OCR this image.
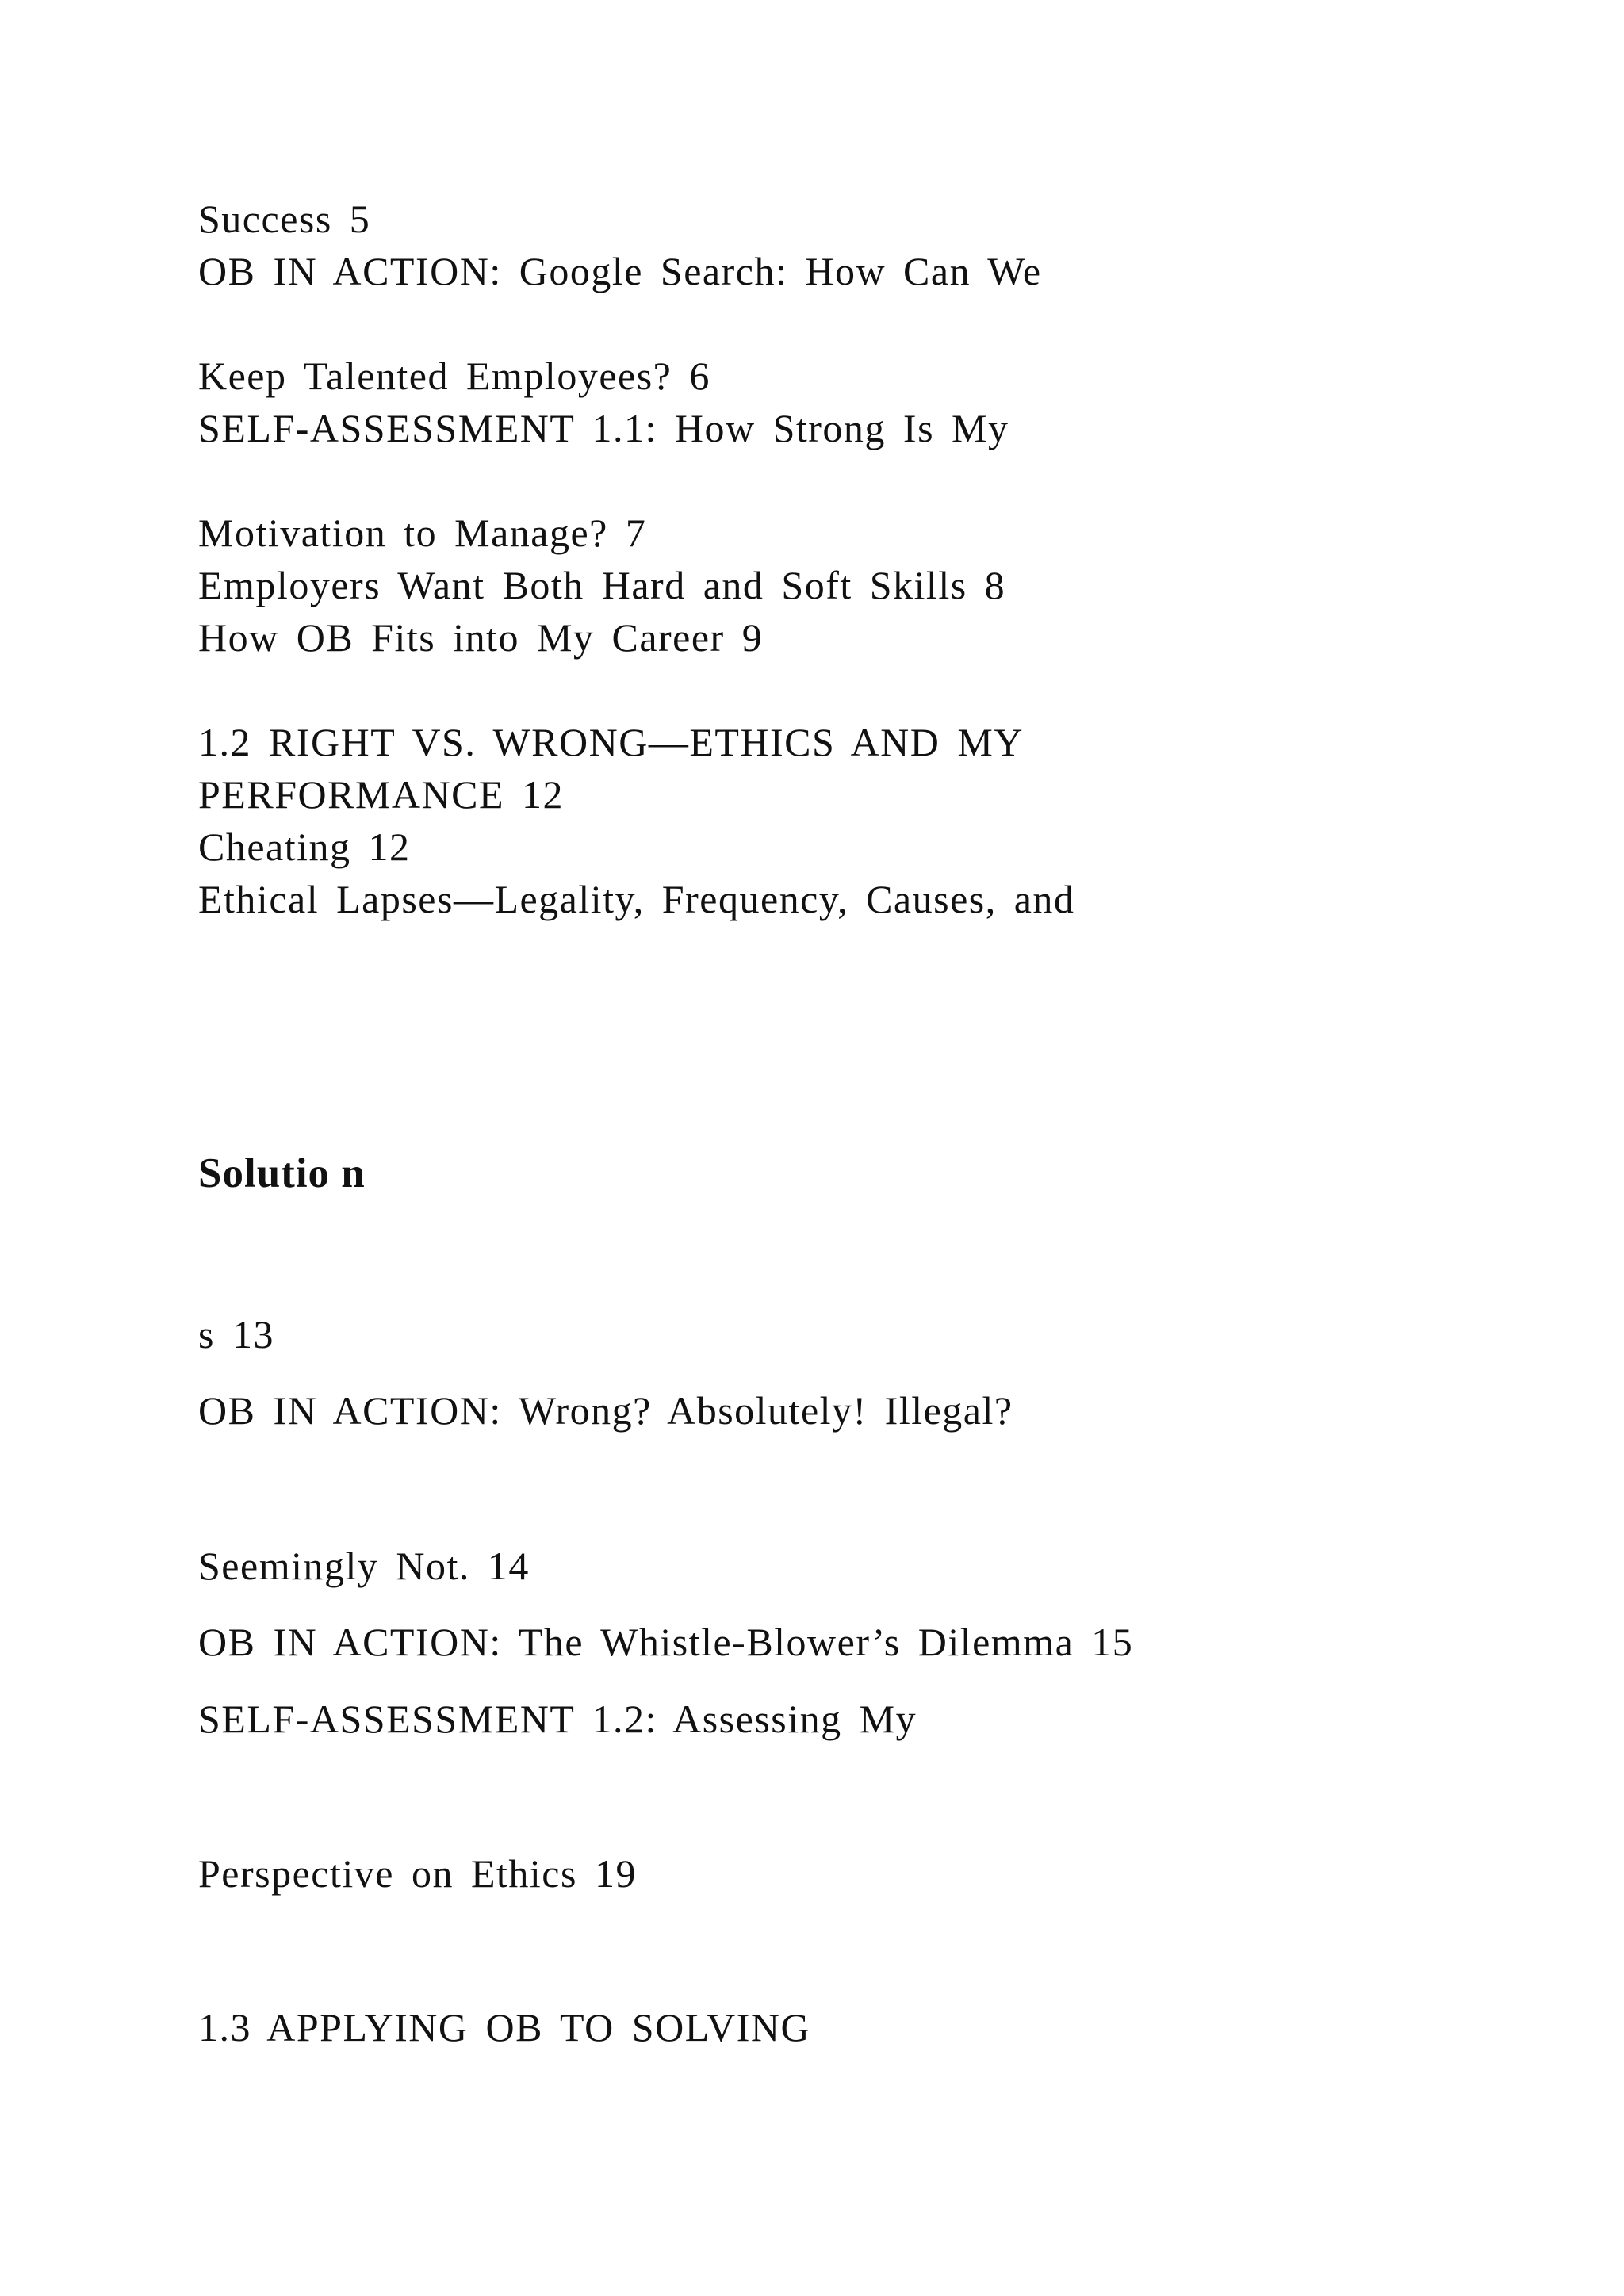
Success 5
OB IN ACTION: Google Search: How Can We
Keep Talented Employees? 6
SELF-ASSESSMENT 1.1: How Strong Is My
Motivation to Manage? 7
Employers Want Both Hard and Soft Skills 8
How OB Fits into My Career 9
1.2 RIGHT VS. WRONG—ETHICS AND MY
PERFORMANCE 12
Cheating 12
Ethical Lapses—Legality, Frequency, Causes, and
Solutio n
s 13
OB IN ACTION: Wrong? Absolutely! Illegal?
Seemingly Not. 14
OB IN ACTION: The Whistle-Blower’s Dilemma 15
SELF-ASSESSMENT 1.2: Assessing My
Perspective on Ethics 19
1.3 APPLYING OB TO SOLVING
